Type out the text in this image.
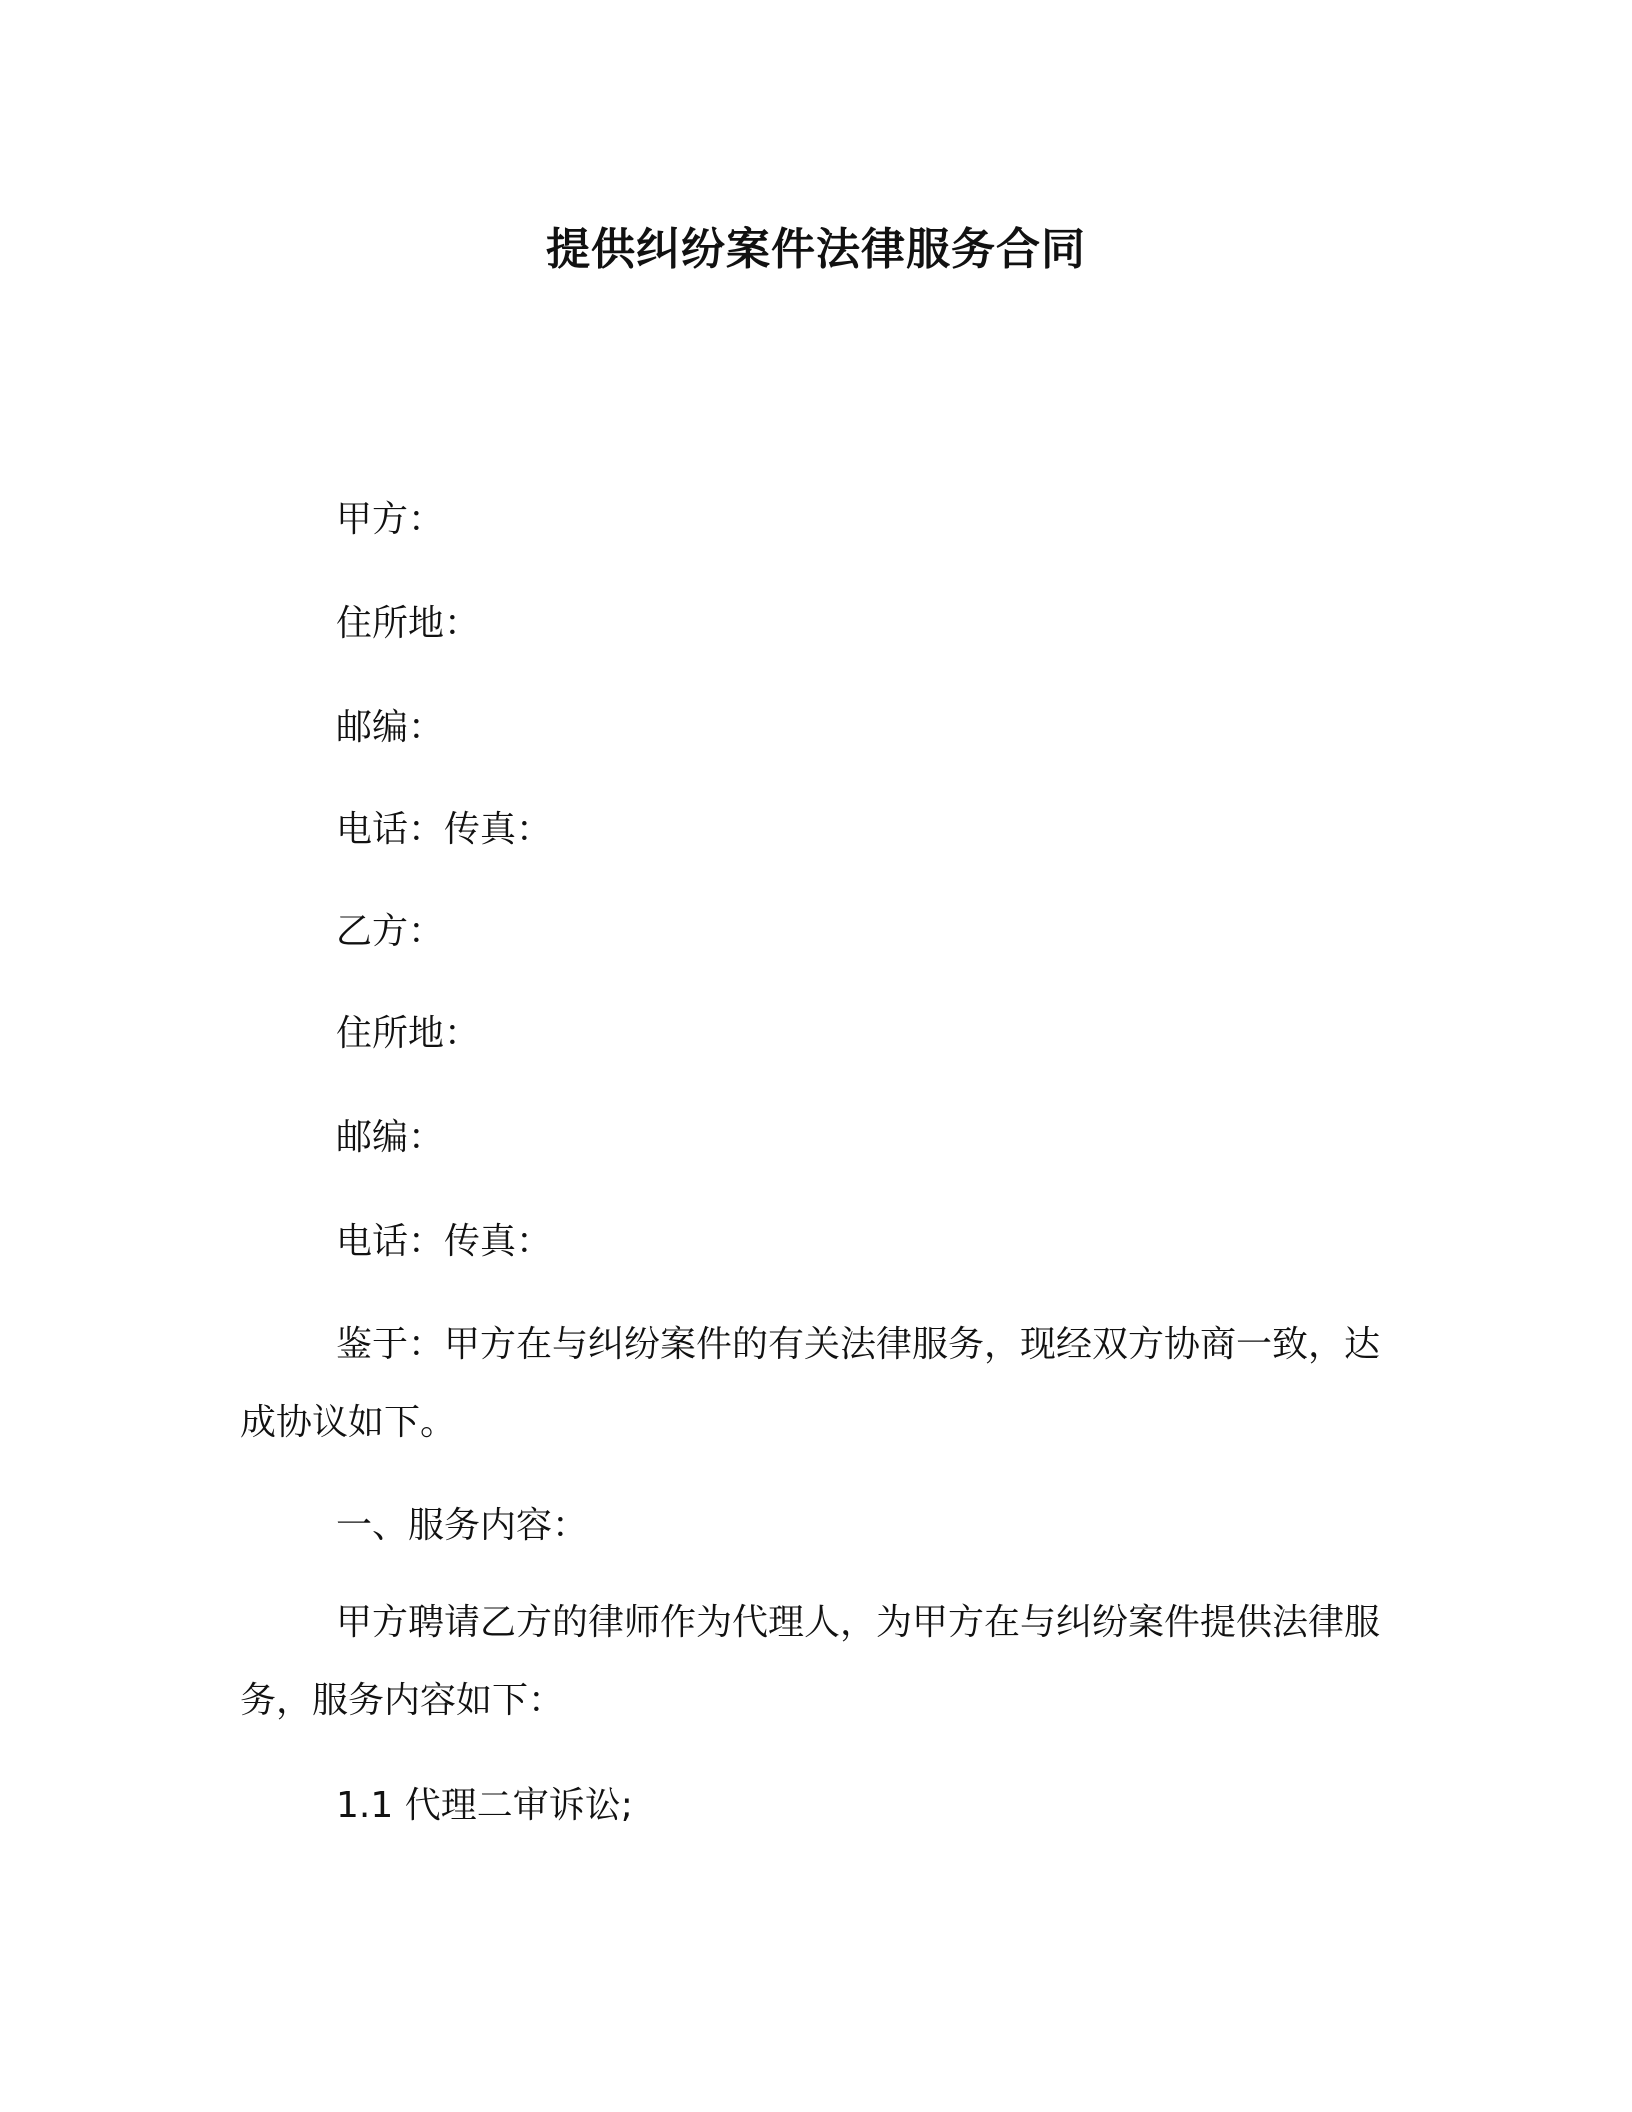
提供纠纷案件法律服务合同
甲方：
住所地：
邮编：
电话：传真：
乙方：
住所地：
邮编：
电话：传真：
鉴于：甲方在与纠纷案件的有关法律服务，现经双方协商一致，达成协议如下。
一、服务内容：
甲方聘请乙方的律师作为代理人，为甲方在与纠纷案件提供法律服务，服务内容如下：
1.1 代理二审诉讼;
